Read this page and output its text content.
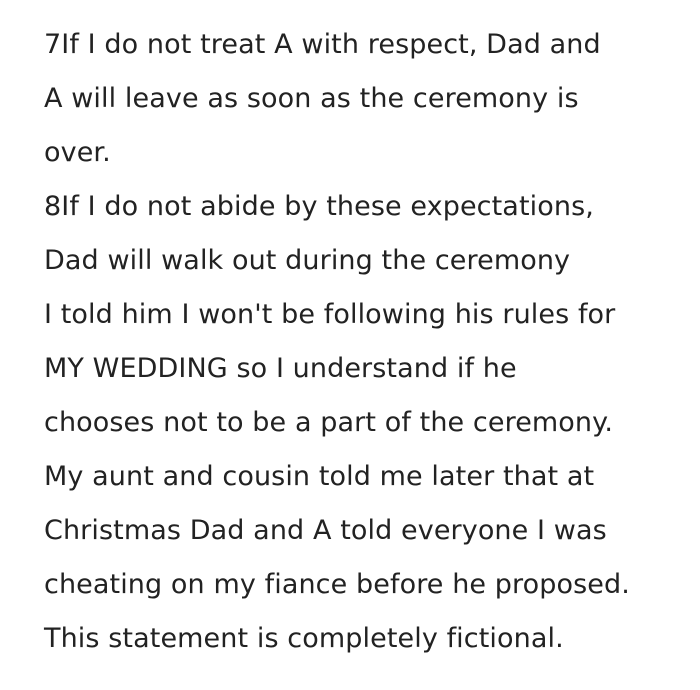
7If I do not treat A with respect, Dad and
A will leave as soon as the ceremony is
over.
8If I do not abide by these expectations,
Dad will walk out during the ceremony
I told him I won't be following his rules for
MY WEDDING so I understand if he
chooses not to be a part of the ceremony.
My aunt and cousin told me later that at
Christmas Dad and A told everyone I was
cheating on my fiance before he proposed.
This statement is completely fictional.
